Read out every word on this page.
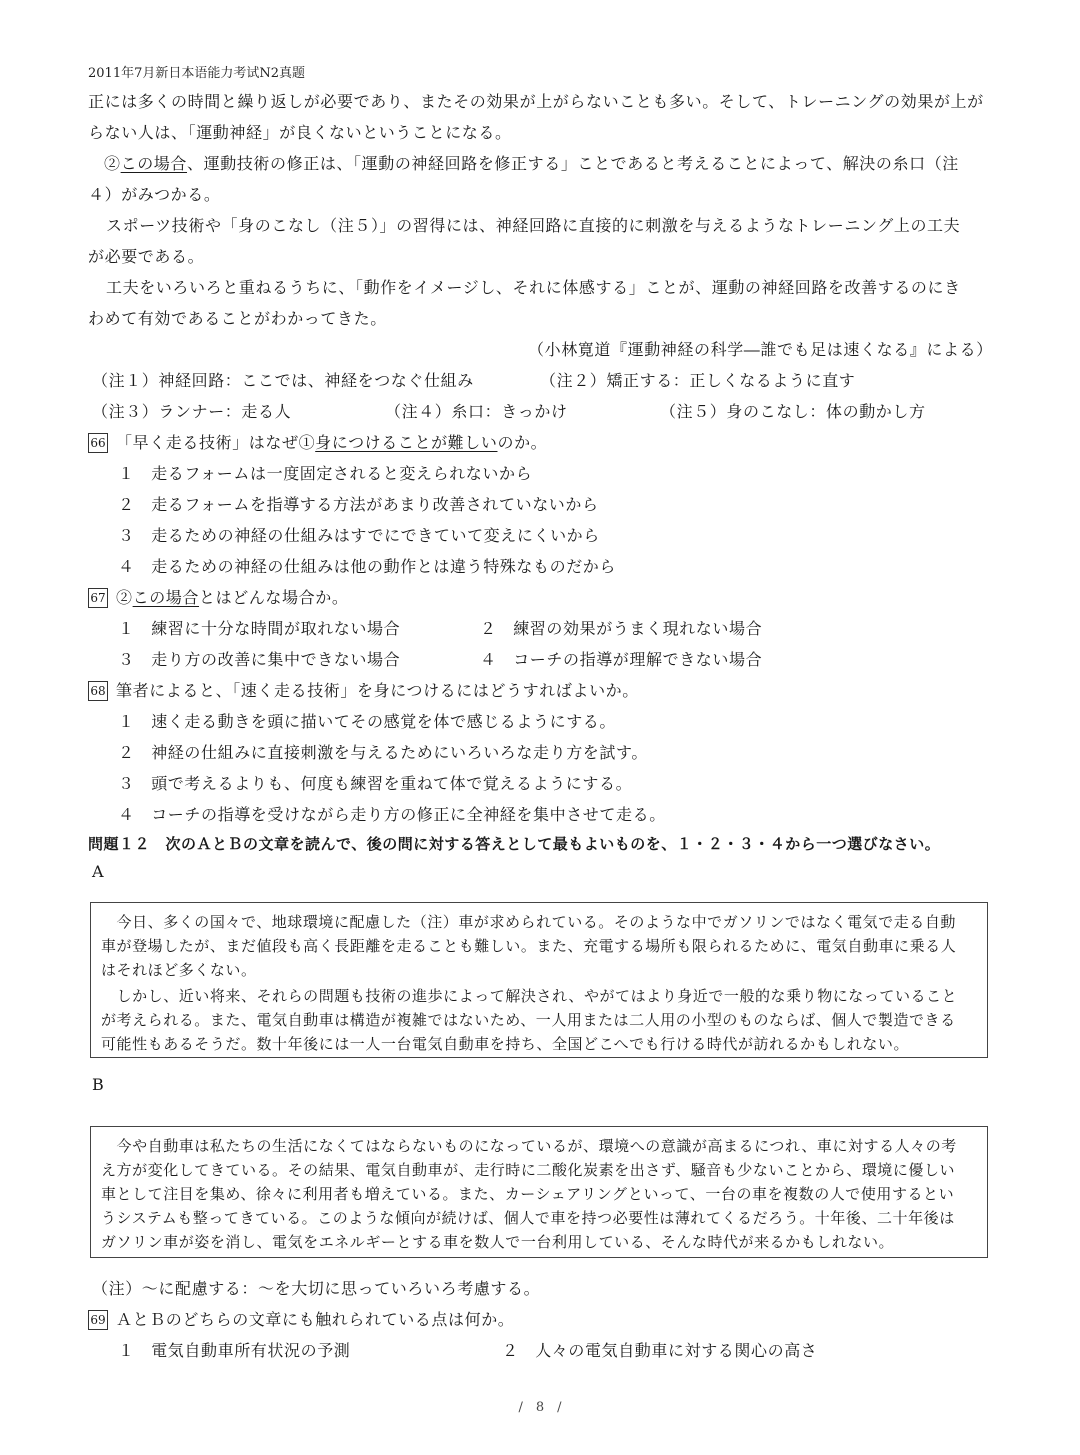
2011年7月新日本语能力考试N2真题
正には多くの時間と繰り返しが必要であり、またその効果が上がらないことも多い。そして、トレーニングの効果が上が
らない人は、「運動神経」が良くないということになる。
②この場合、運動技術の修正は、「運動の神経回路を修正する」ことであると考えることによって、解決の糸口（注
４）がみつかる。
スポーツ技術や「身のこなし（注５）」の習得には、神経回路に直接的に刺激を与えるようなトレーニング上の工夫
が必要である。
工夫をいろいろと重ねるうちに、「動作をイメージし、それに体感する」ことが、運動の神経回路を改善するのにき
わめて有効であることがわかってきた。
（小林寛道『運動神経の科学―誰でも足は速くなる』による）
（注１）神経回路：ここでは、神経をつなぐ仕組み	（注２）矯正する：正しくなるように直す
（注３）ランナー：走る人	（注４）糸口：きっかけ	（注５）身のこなし：体の動かし方
66 「早く走る技術」はなぜ①身につけることが難しいのか。
１　走るフォームは一度固定されると変えられないから
２　走るフォームを指導する方法があまり改善されていないから
３　走るための神経の仕組みはすでにできていて変えにくいから
４　走るための神経の仕組みは他の動作とは違う特殊なものだから
67 ②この場合とはどんな場合か。
１　練習に十分な時間が取れない場合	２　練習の効果がうまく現れない場合
３　走り方の改善に集中できない場合	４　コーチの指導が理解できない場合
68 筆者によると、「速く走る技術」を身につけるにはどうすればよいか。
１　速く走る動きを頭に描いてその感覚を体で感じるようにする。
２　神経の仕組みに直接刺激を与えるためにいろいろな走り方を試す。
３　頭で考えるよりも、何度も練習を重ねて体で覚えるようにする。
４　コーチの指導を受けながら走り方の修正に全神経を集中させて走る。
問題１２　次のＡとＢの文章を読んで、後の問に対する答えとして最もよいものを、１・２・３・４から一つ選びなさい。
A
　今日、多くの国々で、地球環境に配慮した（注）車が求められている。そのような中でガソリンではなく電気で走る自動
車が登場したが、まだ値段も高く長距離を走ることも難しい。また、充電する場所も限られるために、電気自動車に乗る人
はそれほど多くない。
　しかし、近い将来、それらの問題も技術の進歩によって解決され、やがてはより身近で一般的な乗り物になっていること
が考えられる。また、電気自動車は構造が複雑ではないため、一人用または二人用の小型のものならば、個人で製造できる
可能性もあるそうだ。数十年後には一人一台電気自動車を持ち、全国どこへでも行ける時代が訪れるかもしれない。
B
　今や自動車は私たちの生活になくてはならないものになっているが、環境への意識が高まるにつれ、車に対する人々の考
え方が変化してきている。その結果、電気自動車が、走行時に二酸化炭素を出さず、騒音も少ないことから、環境に優しい
車として注目を集め、徐々に利用者も増えている。また、カーシェアリングといって、一台の車を複数の人で使用するとい
うシステムも整ってきている。このような傾向が続けば、個人で車を持つ必要性は薄れてくるだろう。十年後、二十年後は
ガソリン車が姿を消し、電気をエネルギーとする車を数人で一台利用している、そんな時代が来るかもしれない。
（注）～に配慮する：～を大切に思っていろいろ考慮する。
69 ＡとＢのどちらの文章にも触れられている点は何か。
１　電気自動車所有状況の予測	２　人々の電気自動車に対する関心の高さ
/　8　/
